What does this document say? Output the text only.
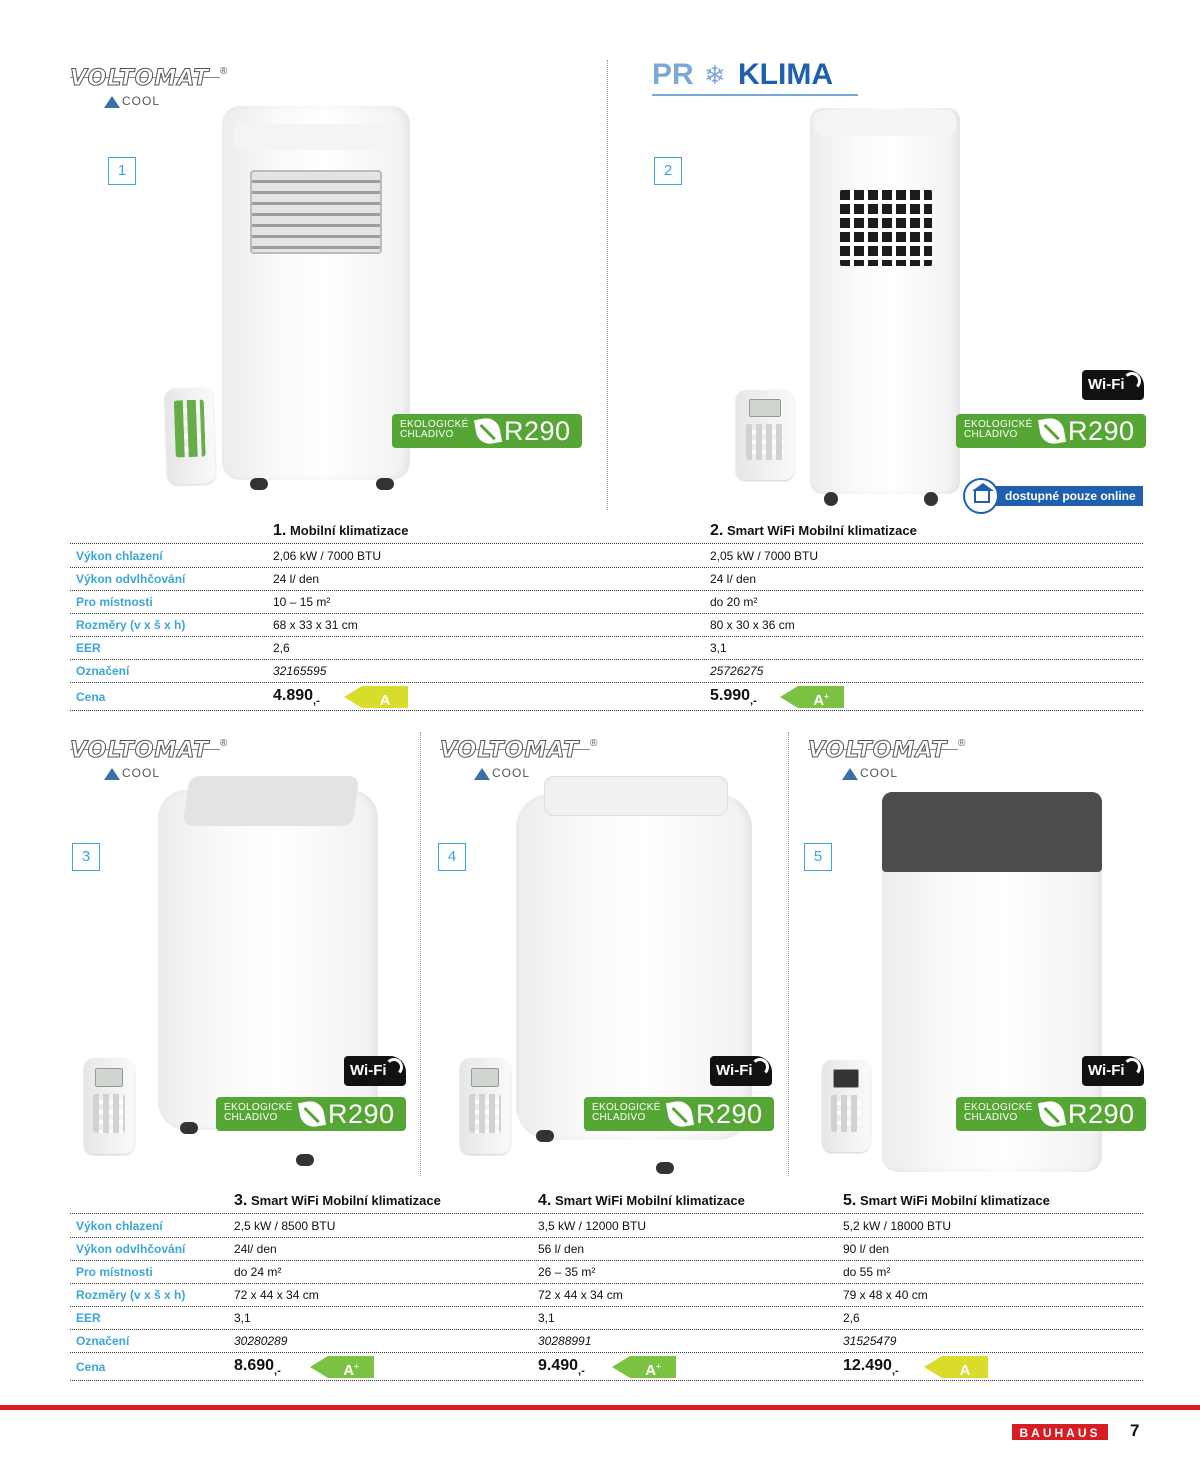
VOLTOMAT ®
COOL
PR ❄ KLIMA
1	2
EKOLOGICKÉ CHLADIVO	R290	EKOLOGICKÉ CHLADIVO	R290
Wi-Fi
dostupné pouze online
1. Mobilní klimatizace	2. Smart WiFi Mobilní klimatizace
Výkon chlazení	2,06 kW / 7000 BTU	2,05 kW / 7000 BTU
Výkon odvlhčování	24 l/ den	24 l/ den
Pro místnosti	10 – 15 m²	do 20 m²
Rozměry (v x š x h)	68 x 33 x 31 cm	80 x 30 x 36 cm
EER	2,6	3,1
Označení	32165595	25726275
Cena	$4.890_{,-}$	$5.990_{,-}$
A	A+
VOLTOMAT ®
COOL
VOLTOMAT ®
COOL
VOLTOMAT ®
COOL
3	4	5
Wi-Fi	Wi-Fi	Wi-Fi
EKOLOGICKÉ CHLADIVO	R290	EKOLOGICKÉ CHLADIVO	R290	EKOLOGICKÉ CHLADIVO	R290
3. Smart WiFi Mobilní klimatizace	4. Smart WiFi Mobilní klimatizace	5. Smart WiFi Mobilní klimatizace
Výkon chlazení	2,5 kW / 8500 BTU	3,5 kW / 12000 BTU	5,2 kW / 18000 BTU
Výkon odvlhčování	24l/ den	56 l/ den	90 l/ den
Pro místnosti	do 24 m²	26 – 35 m²	do 55 m²
Rozměry (v x š x h)	72 x 44 x 34 cm	72 x 44 x 34 cm	79 x 48 x 40 cm
EER	3,1	3,1	2,6
Označení	30280289	30288991	31525479
Cena	$8.690_{,-}$	$9.490_{,-}$	$12.490_{,-}$
A+	A+	A
BAUHAUS	7
